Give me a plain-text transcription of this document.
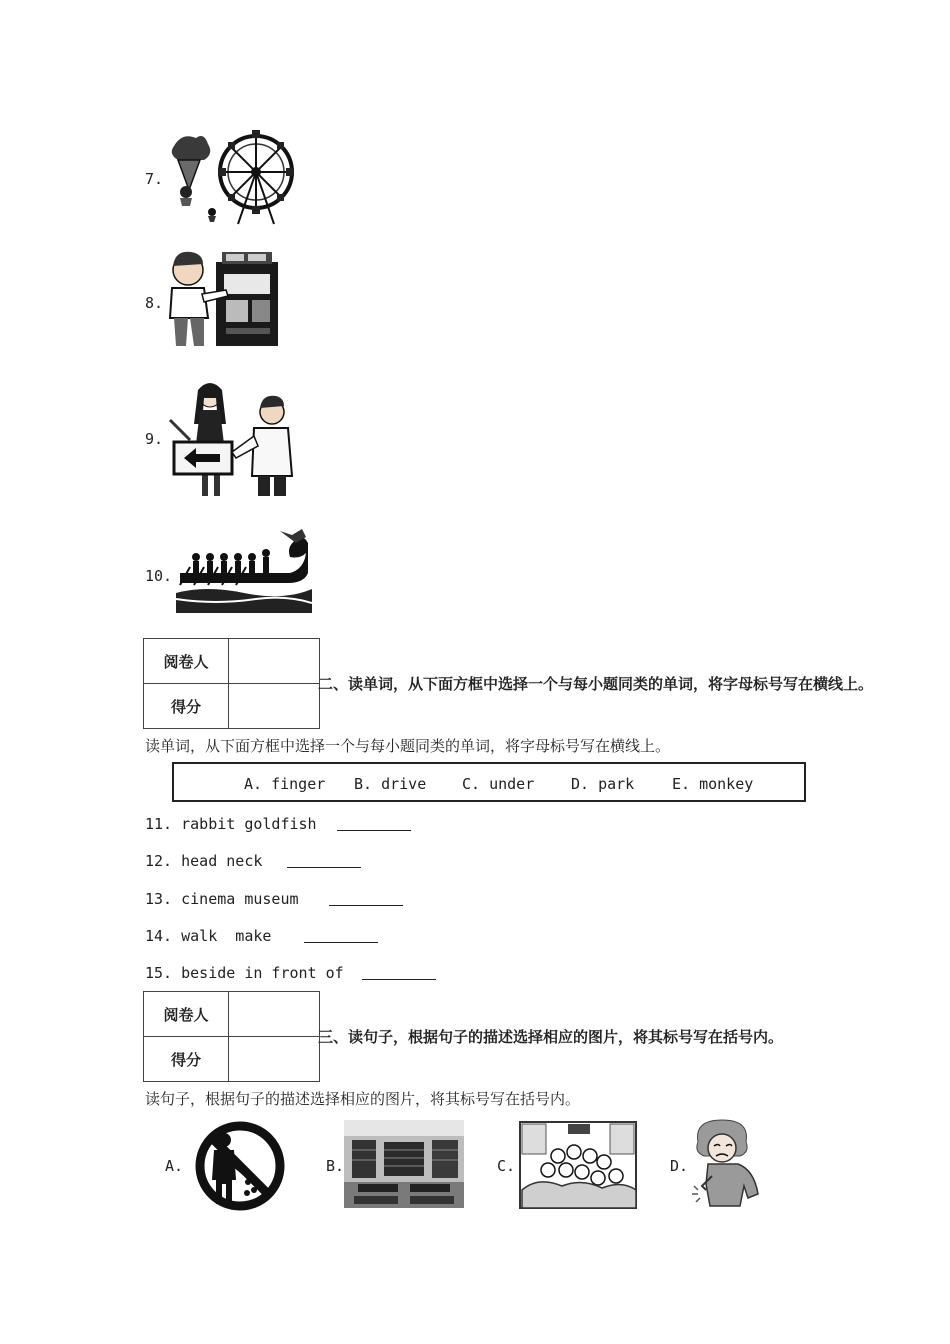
7.
8.
9.
10.
阅卷人	
得分	
二、读单词，从下面方框中选择一个与每小题同类的单词，将字母标号写在横线上。
读单词，从下面方框中选择一个与每小题同类的单词，将字母标号写在横线上。
A. finger B. drive C. under D. park	E. monkey
11. rabbit goldfish
12. head neck
13. cinema museum
14. walk  make
15. beside in front of
阅卷人	
得分	
三、读句子，根据句子的描述选择相应的图片，将其标号写在括号内。
读句子，根据句子的描述选择相应的图片，将其标号写在括号内。
A.	B.	C.	D.
